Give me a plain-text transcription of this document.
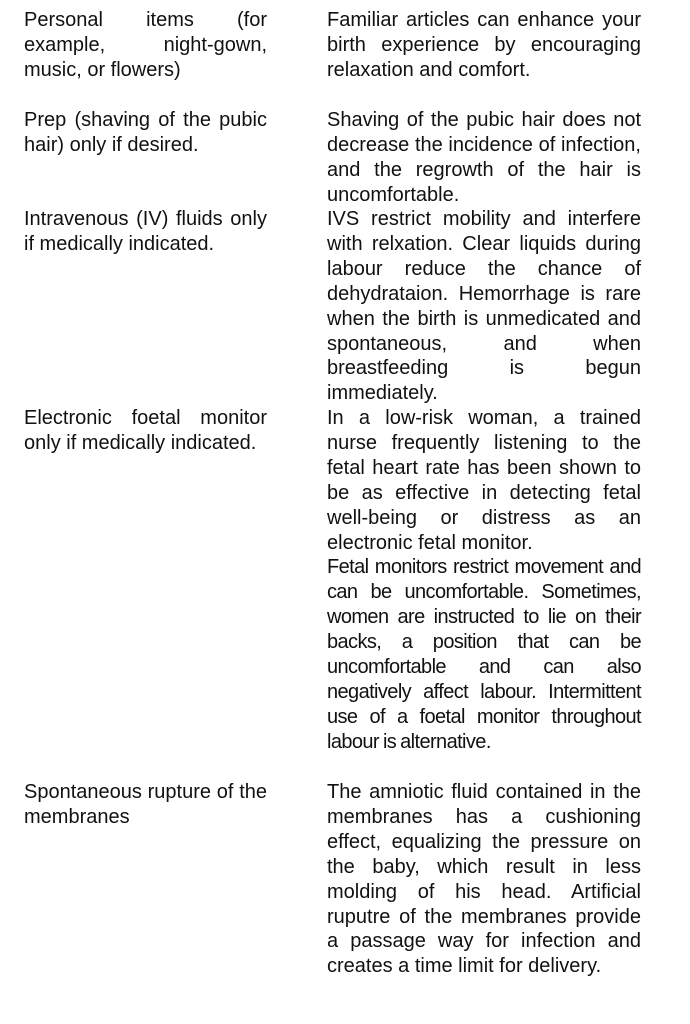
Personal items (for example, night-gown, music, or flowers)

Familiar articles can enhance your birth experience by encouraging relaxation and comfort.

Prep (shaving of the pubic hair) only if desired.

Shaving of the pubic hair does not decrease the incidence of infection, and the regrowth of the hair is uncomfortable.

Intravenous (IV) fluids only if medically indicated.

IVS restrict mobility and interfere with relxation. Clear liquids during labour reduce the chance of dehydrataion. Hemorrhage is rare when the birth is unmedicated and spontaneous, and when breastfeeding is begun immediately.

Electronic foetal monitor only if medically indicated.

In a low-risk woman, a trained nurse frequently listening to the fetal heart rate has been shown to be as effective in detecting fetal well-being or distress as an electronic fetal monitor.

Fetal monitors restrict movement and can be uncomfortable. Sometimes, women are instructed to lie on their backs, a position that can be uncomfortable and can also negatively affect labour. Intermittent use of a foetal monitor throughout labour is alternative.

Spontaneous rupture of the membranes

The amniotic fluid contained in the membranes has a cushioning effect, equalizing the pressure on the baby, which result in less molding of his head. Artificial ruputre of the membranes provide a passage way for infection and creates a time limit for delivery.
